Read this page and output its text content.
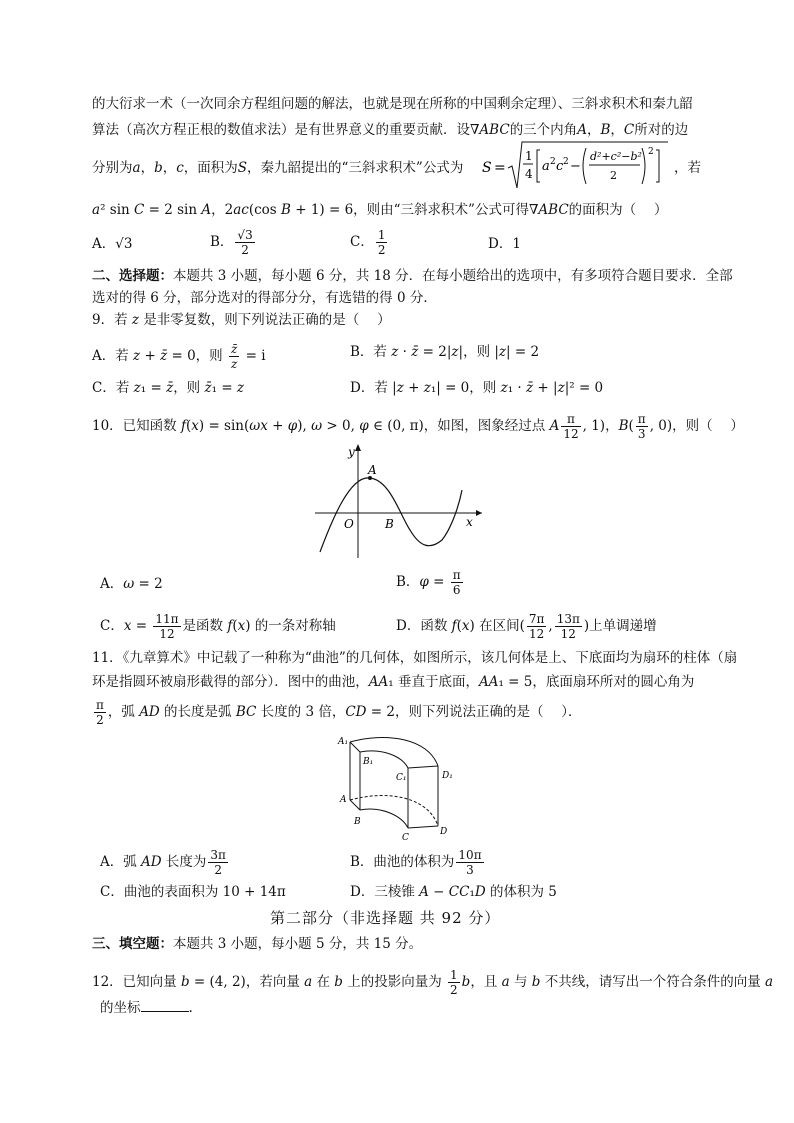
的大衍求一术（一次同余方程组问题的解法，也就是现在所称的中国剩余定理）、三斜求积术和秦九韶
算法（高次方程正根的数值求法）是有世界意义的重要贡献．设∇ABC的三个内角A，B，C所对的边
分别为a，b，c，面积为S，秦九韶提出的“三斜求积术”公式为 S =
1
4 a 2 c 2 −
d²+c²−b²
2
2
，若
a² sin C = 2 sin A，2ac(cos B + 1) = 6，则由“三斜求积术”公式可得∇ABC的面积为（　 ）
A．√3	B． $\frac{√3}{2}$	C． $\frac{1}{2}$	D．1
二、选择题：本题共 3 小题，每小题 6 分，共 18 分．在每小题给出的选项中，有多项符合题目要求．全部
选对的得 6 分，部分选对的得部分分，有选错的得 0 分．
9．若 z 是非零复数，则下列说法正确的是（　 ）
A．若 z + z̄ = 0，则 $\frac{z̄}{z} = i$	B．若 z · z̄ = 2|z|，则 |z| = 2
C．若 z₁ = z̄，则 z̄₁ = z	D．若 |z + z₁| = 0，则 z₁ · z̄ + |z|² = 0
10．已知函数 f(x) = sin(ωx + φ), ω > 0, φ ∈ (0, π)，如图，图象经过点 A $\frac{\pi}{12}$ , 1)，$B( \frac{\pi}{3}$ , 0)，则（　 ）
y
x
O
A
B
A．ω = 2	B．$\varphi = \frac{\pi}{6}$
C．$x = \frac{11\pi}{12}$ 是函数 f(x) 的一条对称轴	D．函数 f(x) 在区间( $\frac{7\pi}{12}$ , $\frac{13\pi}{12}$ )上单调递增
11．《九章算术》中记载了一种称为“曲池”的几何体，如图所示，该几何体是上、下底面均为扇环的柱体（扇
环是指圆环被扇形截得的部分）．图中的曲池，AA₁ 垂直于底面，AA₁ = 5，底面扇环所对的圆心角为
$\frac{\pi}{2}$ ，弧 AD 的长度是弧 BC 长度的 3 倍，CD = 2，则下列说法正确的是（　 ）．
A₁
B₁
C₁	D₁
A
B
C
D
A．弧 AD 长度为 $\frac{3\pi}{2}$	B．曲池的体积为 $\frac{10\pi}{3}$
C．曲池的表面积为 10 + 14π	D．三棱锥 A − CC₁D 的体积为 5
第二部分（非选择题 共 92 分）
三、填空题：本题共 3 小题，每小题 5 分，共 15 分。
12．已知向量 b = (4, 2)，若向量 a 在 b 上的投影向量为 $\frac{1}{2}$ b，且 a 与 b 不共线，请写出一个符合条件的向量 a
的坐标	.
